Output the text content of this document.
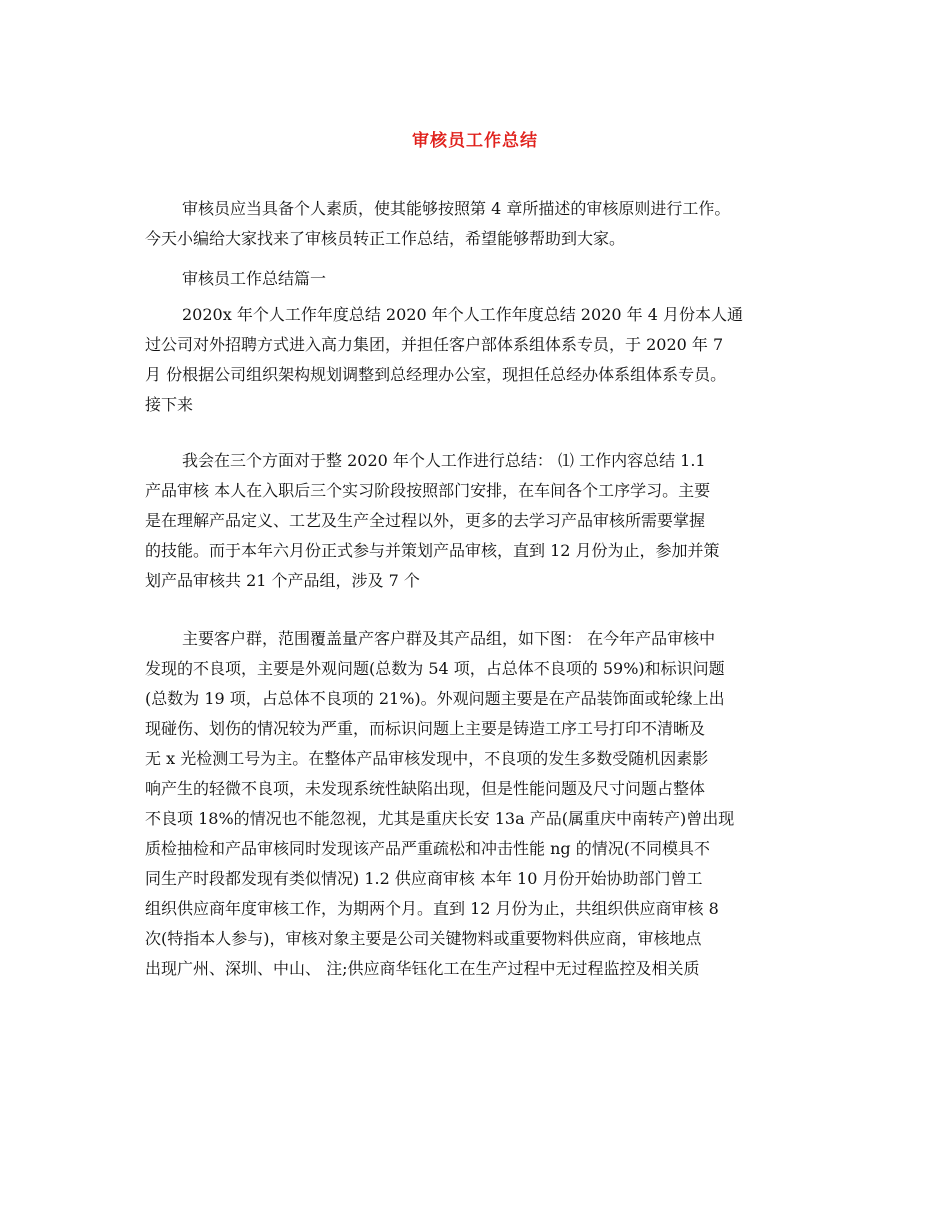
审核员工作总结
审核员应当具备个人素质，使其能够按照第 4 章所描述的审核原则进行工作。
今天小编给大家找来了审核员转正工作总结，希望能够帮助到大家。
审核员工作总结篇一
2020x 年个人工作年度总结 2020 年个人工作年度总结 2020 年 4 月份本人通
过公司对外招聘方式进入高力集团，并担任客户部体系组体系专员，于 2020 年 7
月 份根据公司组织架构规划调整到总经理办公室，现担任总经办体系组体系专员。
接下来
我会在三个方面对于整 2020 年个人工作进行总结： ⑴ 工作内容总结 1.1
产品审核 本人在入职后三个实习阶段按照部门安排，在车间各个工序学习。主要
是在理解产品定义、工艺及生产全过程以外，更多的去学习产品审核所需要掌握
的技能。而于本年六月份正式参与并策划产品审核，直到 12 月份为止，参加并策
划产品审核共 21 个产品组，涉及 7 个
主要客户群，范围覆盖量产客户群及其产品组，如下图： 在今年产品审核中
发现的不良项，主要是外观问题(总数为 54 项，占总体不良项的 59%)和标识问题
(总数为 19 项，占总体不良项的 21%)。外观问题主要是在产品装饰面或轮缘上出
现碰伤、划伤的情况较为严重，而标识问题上主要是铸造工序工号打印不清晰及
无 x 光检测工号为主。在整体产品审核发现中，不良项的发生多数受随机因素影
响产生的轻微不良项，未发现系统性缺陷出现，但是性能问题及尺寸问题占整体
不良项 18%的情况也不能忽视，尤其是重庆长安 13a 产品(属重庆中南转产)曾出现
质检抽检和产品审核同时发现该产品严重疏松和冲击性能 ng 的情况(不同模具不
同生产时段都发现有类似情况) 1.2 供应商审核 本年 10 月份开始协助部门曾工
组织供应商年度审核工作，为期两个月。直到 12 月份为止，共组织供应商审核 8
次(特指本人参与)，审核对象主要是公司关键物料或重要物料供应商，审核地点
出现广州、深圳、中山、 注;供应商华钰化工在生产过程中无过程监控及相关质
